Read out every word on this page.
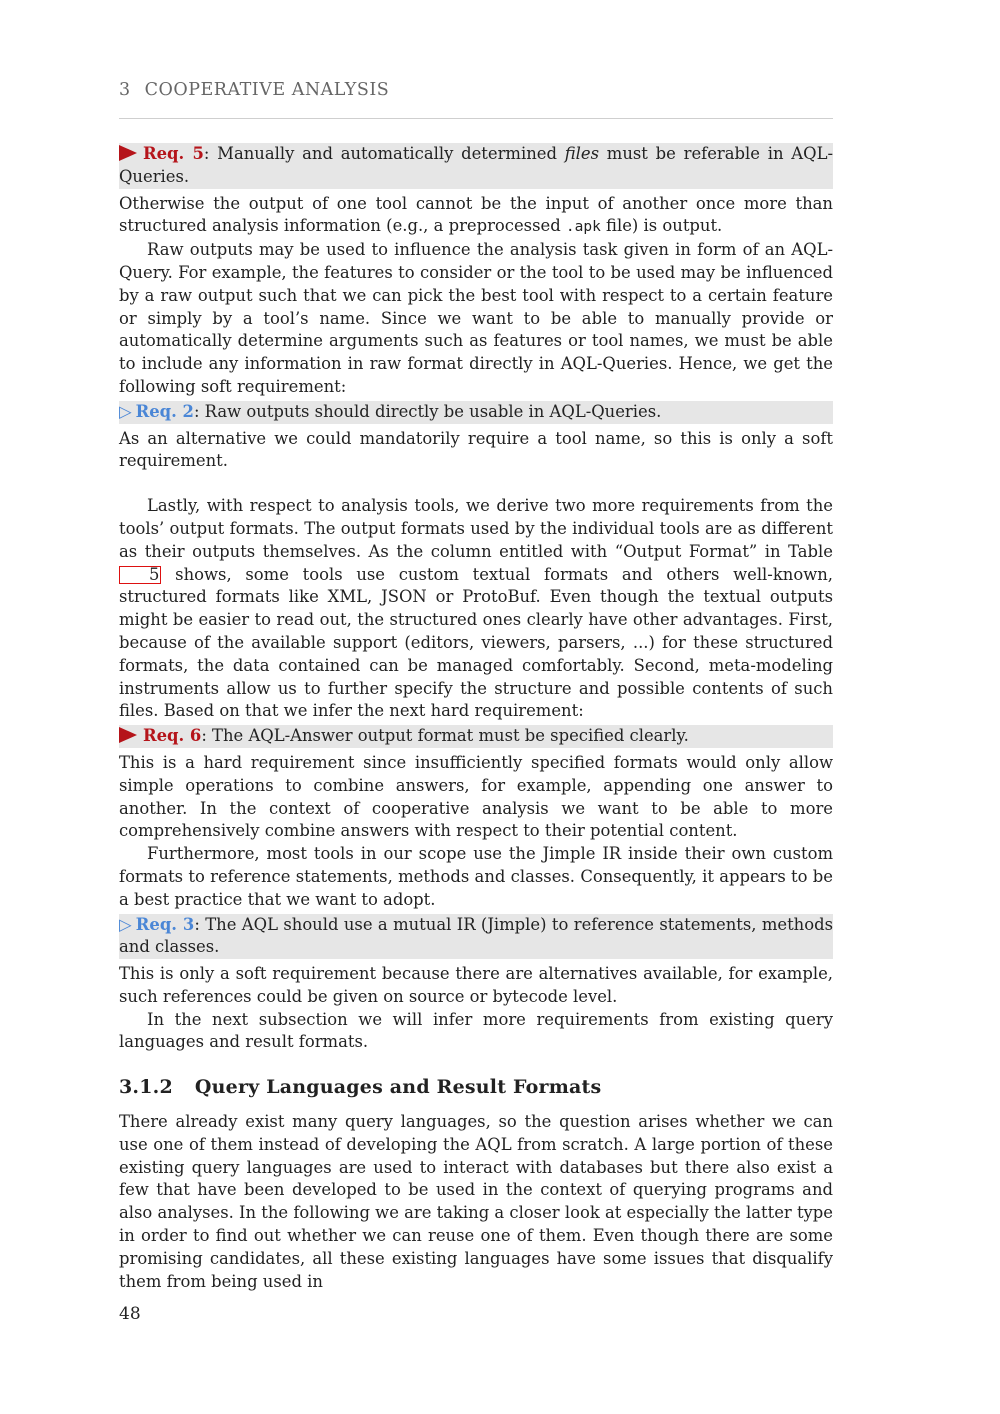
3 COOPERATIVE ANALYSIS
Req. 5: Manually and automatically determined files must be referable in AQL-Queries.

Otherwise the output of one tool cannot be the input of another once more than structured analysis information (e.g., a preprocessed .apk file) is output.

Raw outputs may be used to influence the analysis task given in form of an AQL-Query. For example, the features to consider or the tool to be used may be influenced by a raw output such that we can pick the best tool with respect to a certain feature or simply by a tool’s name. Since we want to be able to manually provide or automatically determine arguments such as features or tool names, we must be able to include any information in raw format directly in AQL-Queries. Hence, we get the following soft requirement:

▷ Req. 2: Raw outputs should directly be usable in AQL-Queries.

As an alternative we could mandatorily require a tool name, so this is only a soft requirement.

Lastly, with respect to analysis tools, we derive two more requirements from the tools’ output formats. The output formats used by the individual tools are as different as their outputs themselves. As the column entitled with “Output Format” in Table 5 shows, some tools use custom textual formats and others well-known, structured formats like XML, JSON or ProtoBuf. Even though the textual outputs might be easier to read out, the structured ones clearly have other advantages. First, because of the available support (editors, viewers, parsers, ...) for these structured formats, the data contained can be managed comfortably. Second, meta-modeling instruments allow us to further specify the structure and possible contents of such files. Based on that we infer the next hard requirement:

Req. 6: The AQL-Answer output format must be specified clearly.

This is a hard requirement since insufficiently specified formats would only allow simple operations to combine answers, for example, appending one answer to another. In the context of cooperative analysis we want to be able to more comprehensively combine answers with respect to their potential content.

Furthermore, most tools in our scope use the Jimple IR inside their own custom formats to reference statements, methods and classes. Consequently, it appears to be a best practice that we want to adopt.

▷ Req. 3: The AQL should use a mutual IR (Jimple) to reference statements, methods and classes.

This is only a soft requirement because there are alternatives available, for example, such references could be given on source or bytecode level.

In the next subsection we will infer more requirements from existing query languages and result formats.

3.1.2 Query Languages and Result Formats

There already exist many query languages, so the question arises whether we can use one of them instead of developing the AQL from scratch. A large portion of these existing query languages are used to interact with databases but there also exist a few that have been developed to be used in the context of querying programs and also analyses. In the following we are taking a closer look at especially the latter type in order to find out whether we can reuse one of them. Even though there are some promising candidates, all these existing languages have some issues that disqualify them from being used in

48
